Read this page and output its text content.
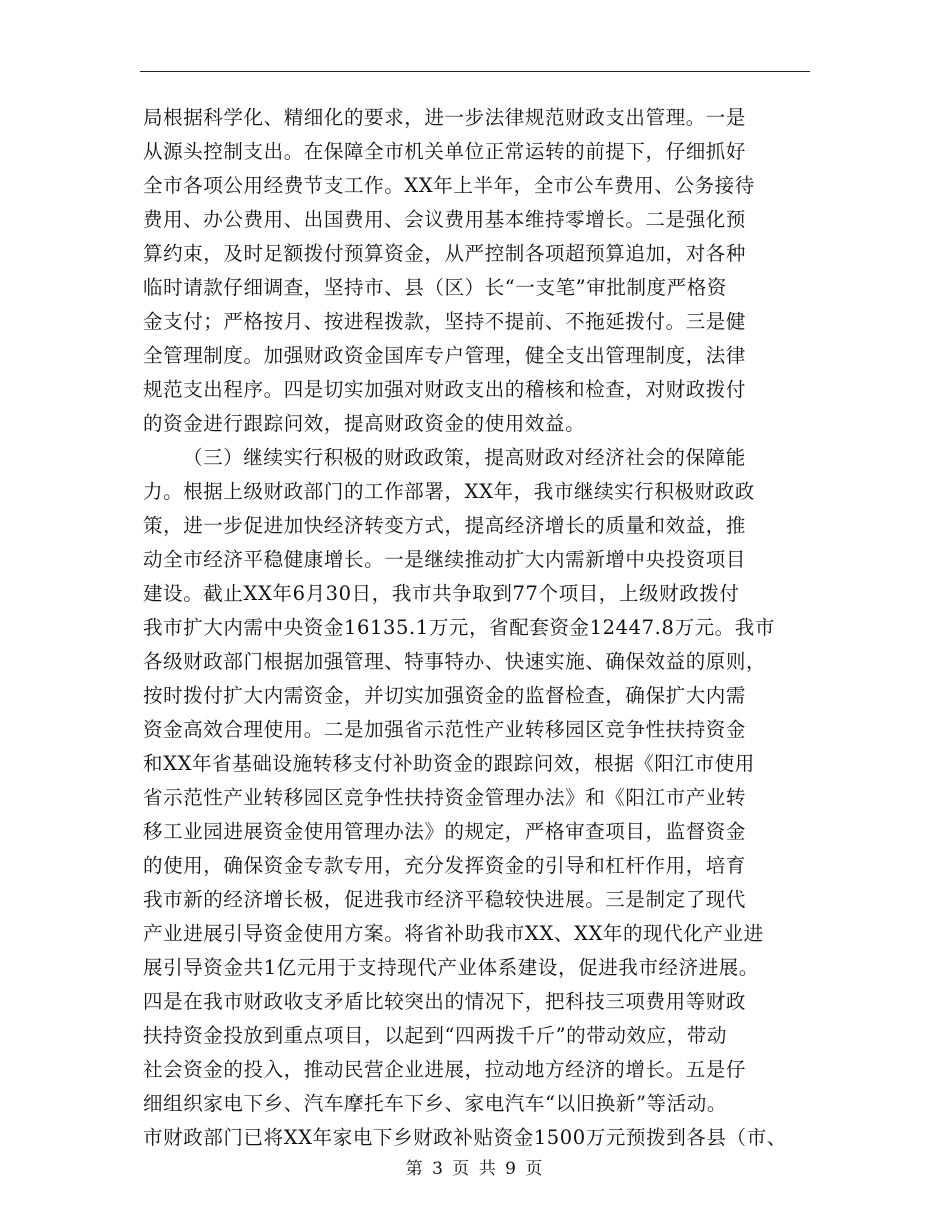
局根据科学化、精细化的要求，进一步法律规范财政支出管理。一是
从源头控制支出。在保障全市机关单位正常运转的前提下，仔细抓好
全市各项公用经费节支工作。XX年上半年，全市公车费用、公务接待
费用、办公费用、出国费用、会议费用基本维持零增长。二是强化预
算约束，及时足额拨付预算资金，从严控制各项超预算追加，对各种
临时请款仔细调查，坚持市、县（区）长“一支笔”审批制度严格资
金支付；严格按月、按进程拨款，坚持不提前、不拖延拨付。三是健
全管理制度。加强财政资金国库专户管理，健全支出管理制度，法律
规范支出程序。四是切实加强对财政支出的稽核和检查，对财政拨付
的资金进行跟踪问效，提高财政资金的使用效益。
（三）继续实行积极的财政政策，提高财政对经济社会的保障能
力。根据上级财政部门的工作部署，XX年，我市继续实行积极财政政
策，进一步促进加快经济转变方式，提高经济增长的质量和效益，推
动全市经济平稳健康增长。一是继续推动扩大内需新增中央投资项目
建设。截止XX年6月30日，我市共争取到77个项目，上级财政拨付
我市扩大内需中央资金16135.1万元，省配套资金12447.8万元。我市
各级财政部门根据加强管理、特事特办、快速实施、确保效益的原则，
按时拨付扩大内需资金，并切实加强资金的监督检查，确保扩大内需
资金高效合理使用。二是加强省示范性产业转移园区竞争性扶持资金
和XX年省基础设施转移支付补助资金的跟踪问效，根据《阳江市使用
省示范性产业转移园区竞争性扶持资金管理办法》和《阳江市产业转
移工业园进展资金使用管理办法》的规定，严格审查项目，监督资金
的使用，确保资金专款专用，充分发挥资金的引导和杠杆作用，培育
我市新的经济增长极，促进我市经济平稳较快进展。三是制定了现代
产业进展引导资金使用方案。将省补助我市XX、XX年的现代化产业进
展引导资金共1亿元用于支持现代产业体系建设，促进我市经济进展。
四是在我市财政收支矛盾比较突出的情况下，把科技三项费用等财政
扶持资金投放到重点项目，以起到“四两拨千斤”的带动效应，带动
社会资金的投入，推动民营企业进展，拉动地方经济的增长。五是仔
细组织家电下乡、汽车摩托车下乡、家电汽车“以旧换新”等活动。
市财政部门已将XX年家电下乡财政补贴资金1500万元预拨到各县（市、
第 3 页 共 9 页
